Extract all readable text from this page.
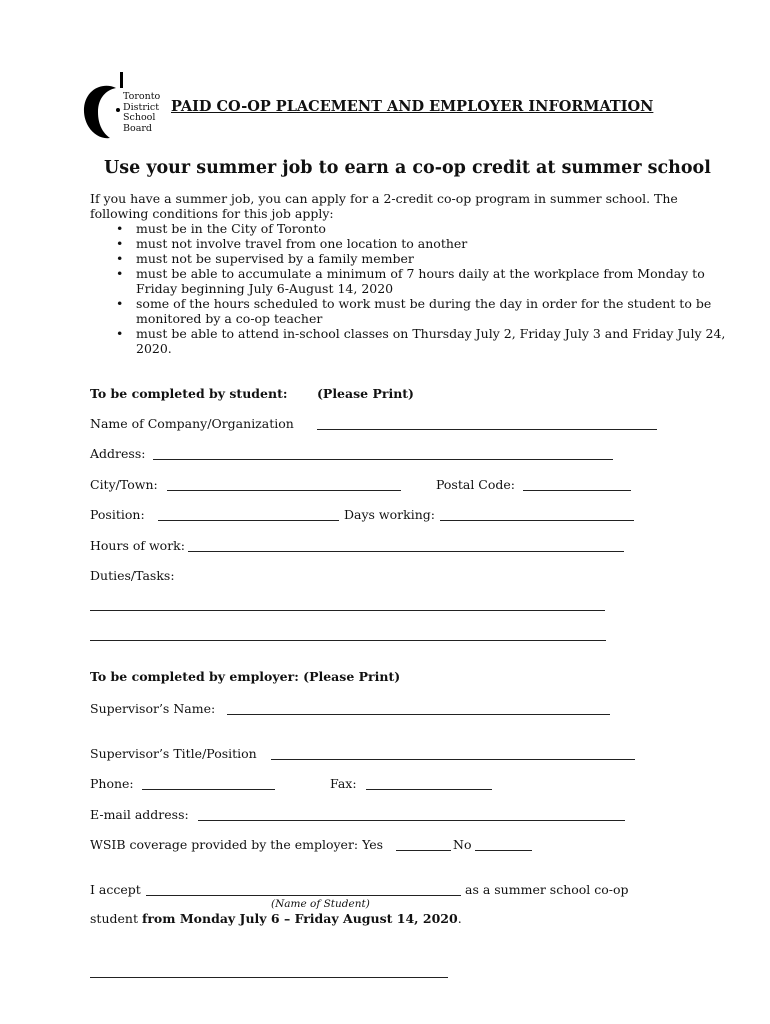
Toronto
District
School
Board
PAID CO-OP PLACEMENT AND EMPLOYER INFORMATION
Use your summer job to earn a co-op credit at summer school
If you have a summer job, you can apply for a 2-credit co-op program in summer school. The
following conditions for this job apply:
• must be in the City of Toronto
• must not involve travel from one location to another
• must not be supervised by a family member
• must be able to accumulate a minimum of 7 hours daily at the workplace from Monday to Friday beginning July 6-August 14, 2020
• some of the hours scheduled to work must be during the day in order for the student to be monitored by a co-op teacher
• must be able to attend in-school classes on Thursday July 2, Friday July 3 and Friday July 24, 2020.
To be completed by student: (Please Print)
Name of Company/Organization
Address:
City/Town:	Postal Code:
Position:	Days working:
Hours of work:
Duties/Tasks:
To be completed by employer: (Please Print)
Supervisor’s Name:
Supervisor’s Title/Position
Phone:	Fax:
E-mail address:
WSIB coverage provided by the employer: Yes	No
I accept	as a summer school co-op
(Name of Student)
student from Monday July 6 – Friday August 14, 2020.
